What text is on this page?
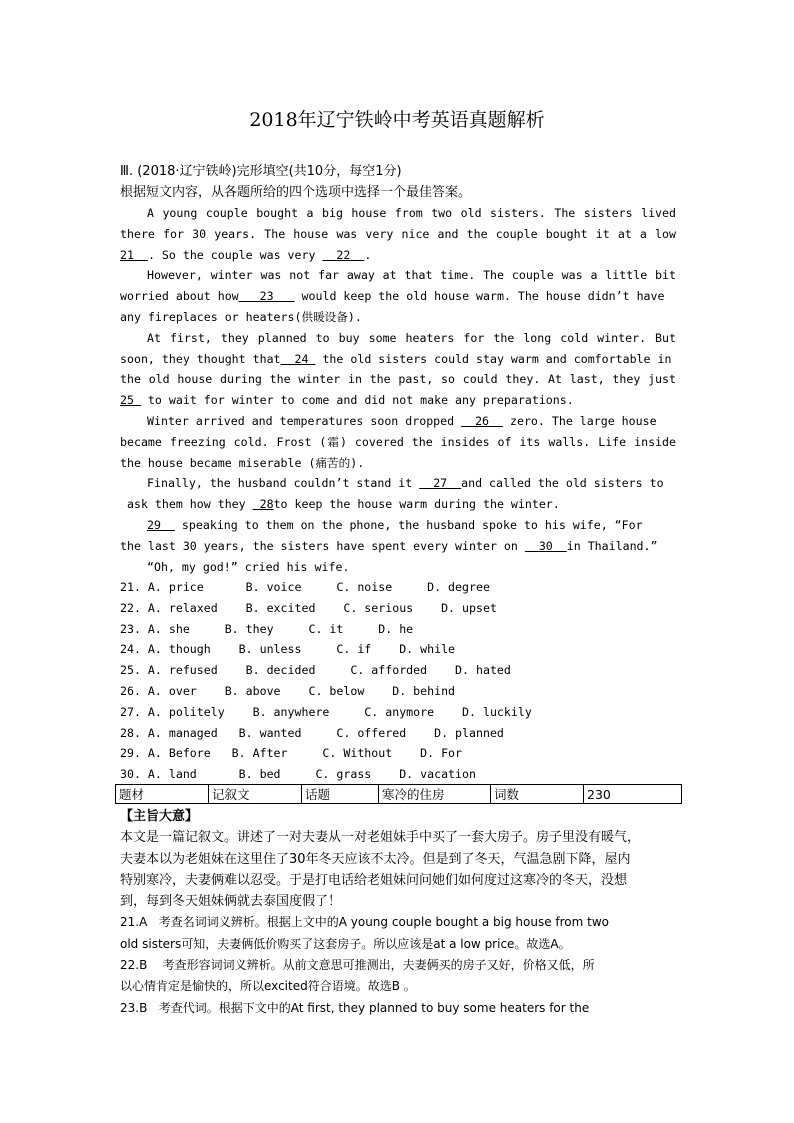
2018年辽宁铁岭中考英语真题解析
Ⅲ. (2018·辽宁铁岭)完形填空(共10分，每空1分)
根据短文内容，从各题所给的四个选项中选择一个最佳答案。
A young couple bought a big house from two old sisters. The sisters lived
there for 30 years. The house was very nice and the couple bought it at a low
21 . So the couple was very   22 .
However, winter was not far away at that time. The couple was a little bit
worried about how 23    would keep the old house warm. The house didn’t have
any fireplaces or heaters(供暖设备).
At first, they planned to buy some heaters for the long cold winter. But
soon, they thought that 24  the old sisters could stay warm and comfortable in
the old house during the winter in the past, so could they. At last, they just
25  to wait for winter to come and did not make any preparations.
Winter arrived and temperatures soon dropped   26   zero. The large house
became freezing cold. Frost (霜) covered the insides of its walls. Life inside
the house became miserable (痛苦的).
Finally, the husband couldn’t stand it   27 and called the old sisters to
ask them how they  28to keep the house warm during the winter.
29   speaking to them on the phone, the husband spoke to his wife, “For
the last 30 years, the sisters have spent every winter on   30 in Thailand.”
“Oh, my god!” cried his wife.
21. A. price      B. voice     C. noise     D. degree
22. A. relaxed    B. excited    C. serious    D. upset
23. A. she     B. they     C. it     D. he
24. A. though    B. unless     C. if    D. while
25. A. refused    B. decided     C. afforded    D. hated
26. A. over    B. above    C. below    D. behind
27. A. politely    B. anywhere     C. anymore    D. luckily
28. A. managed   B. wanted     C. offered    D. planned
29. A. Before   B. After     C. Without    D. For
30. A. land      B. bed     C. grass    D. vacation
题材	记叙文	话题	寒冷的住房	词数	230
【主旨大意】
本文是一篇记叙文。讲述了一对夫妻从一对老姐妹手中买了一套大房子。房子里没有暖气，
夫妻本以为老姐妹在这里住了30年冬天应该不太冷。但是到了冬天，气温急剧下降，屋内
特别寒冷，夫妻俩难以忍受。于是打电话给老姐妹问问她们如何度过这寒冷的冬天，没想
到，每到冬天姐妹俩就去泰国度假了！
21.A   考查名词词义辨析。根据上文中的A young couple bought a big house from two
old sisters可知，夫妻俩低价购买了这套房子。所以应该是at a low price。故选A。
22.B    考查形容词词义辨析。从前文意思可推测出，夫妻俩买的房子又好，价格又低，所
以心情肯定是愉快的，所以excited符合语境。故选B 。
23.B   考查代词。根据下文中的At first, they planned to buy some heaters for the
